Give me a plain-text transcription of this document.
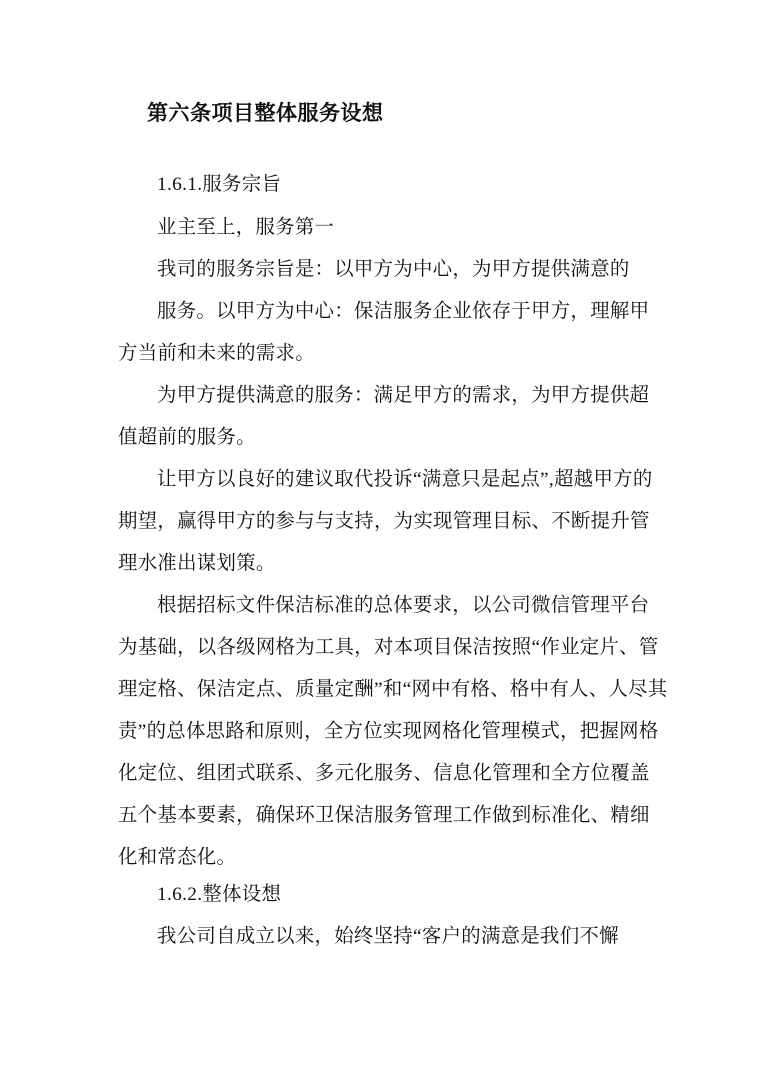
第六条项目整体服务设想
1.6.1.服务宗旨
业主至上，服务第一
我司的服务宗旨是：以甲方为中心，为甲方提供满意的
服务。以甲方为中心：保洁服务企业依存于甲方，理解甲
方当前和未来的需求。
为甲方提供满意的服务：满足甲方的需求，为甲方提供超
值超前的服务。
让甲方以良好的建议取代投诉“满意只是起点”,超越甲方的
期望，赢得甲方的参与与支持，为实现管理目标、不断提升管
理水准出谋划策。
根据招标文件保洁标准的总体要求，以公司微信管理平台
为基础，以各级网格为工具，对本项目保洁按照“作业定片、管
理定格、保洁定点、质量定酬”和“网中有格、格中有人、人尽其
责”的总体思路和原则，全方位实现网格化管理模式，把握网格
化定位、组团式联系、多元化服务、信息化管理和全方位覆盖
五个基本要素，确保环卫保洁服务管理工作做到标准化、精细
化和常态化。
1.6.2.整体设想
我公司自成立以来，始终坚持“客户的满意是我们不懈
